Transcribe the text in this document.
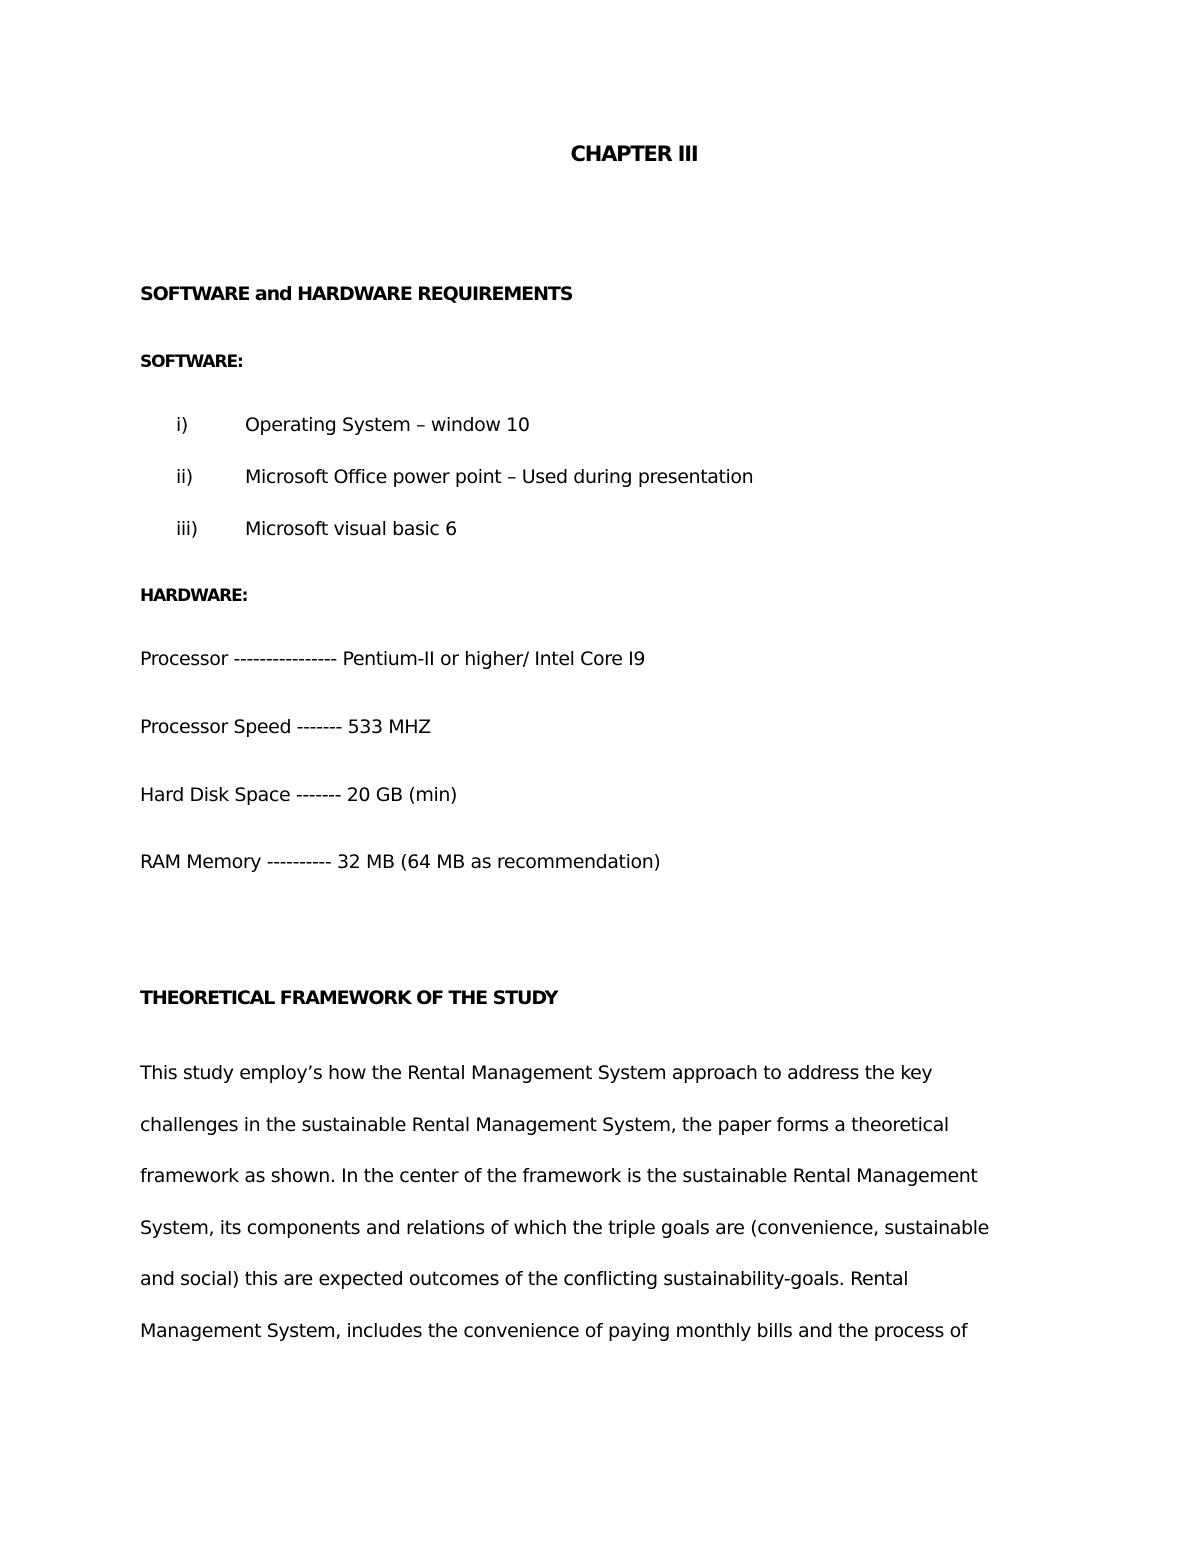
CHAPTER III
SOFTWARE and HARDWARE REQUIREMENTS
SOFTWARE:
i)	Operating System – window 10
ii)	Microsoft Office power point – Used during presentation
iii) Microsoft visual basic 6
HARDWARE:
Processor ---------------- Pentium-II or higher/ Intel Core I9
Processor Speed ------- 533 MHZ
Hard Disk Space ------- 20 GB (min)
RAM Memory ---------- 32 MB (64 MB as recommendation)
THEORETICAL FRAMEWORK OF THE STUDY

This study employ’s how the Rental Management System approach to address the key
challenges in the sustainable Rental Management System, the paper forms a theoretical
framework as shown. In the center of the framework is the sustainable Rental Management
System, its components and relations of which the triple goals are (convenience, sustainable
and social) this are expected outcomes of the conflicting sustainability-goals. Rental
Management System, includes the convenience of paying monthly bills and the process of
